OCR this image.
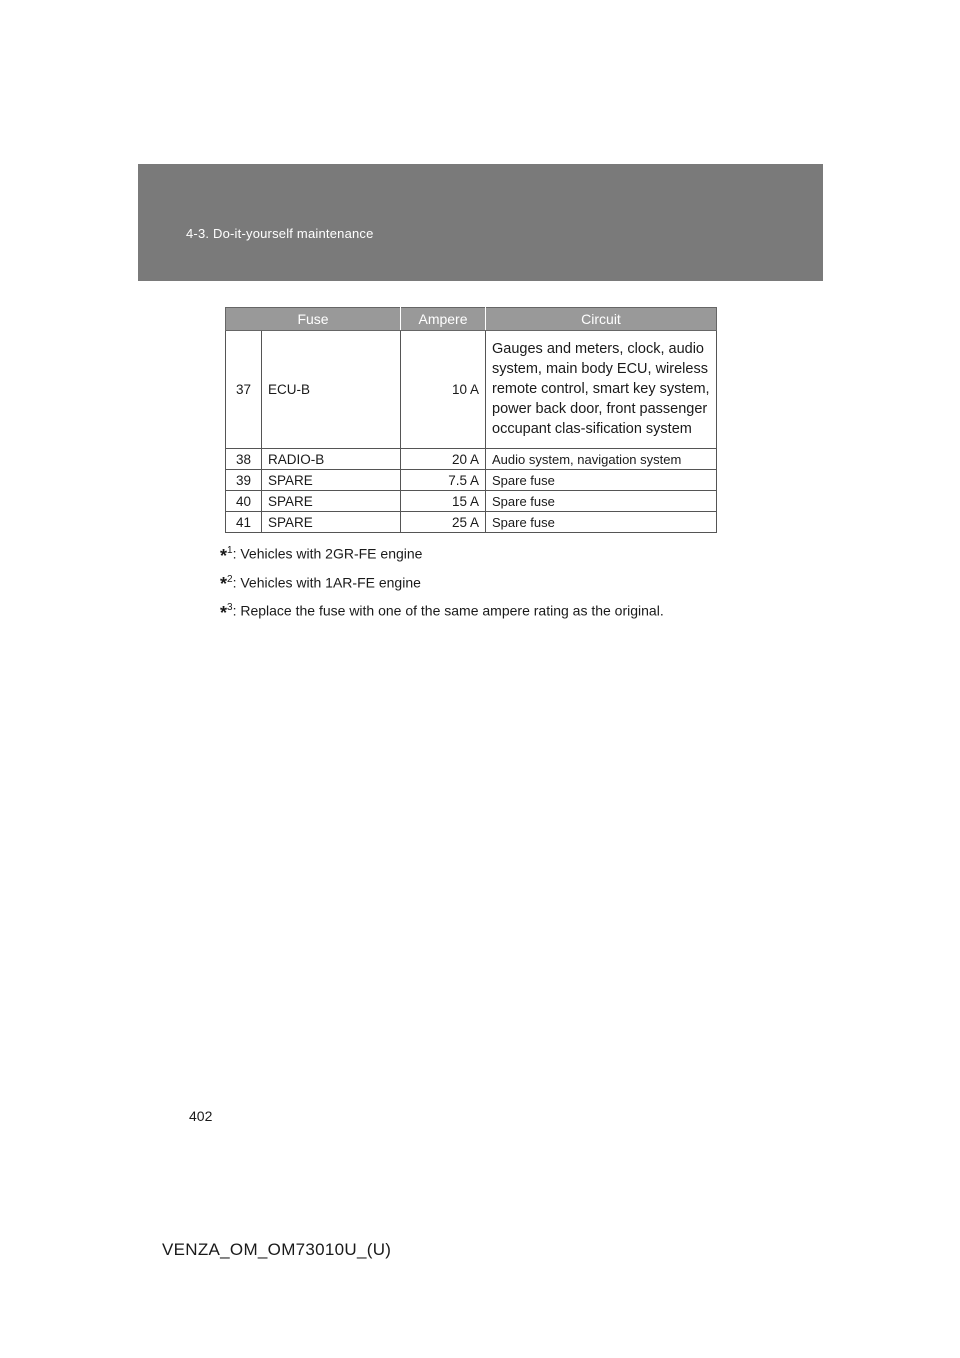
4-3. Do-it-yourself maintenance
Fuse		Ampere	Circuit
37	ECU-B	10 A	Gauges and meters, clock, audio system, main body ECU, wireless remote control, smart key system, power back door, front passenger occupant clas-sification system
38	RADIO-B	20 A	Audio system, navigation system
39	SPARE	7.5 A	Spare fuse
40	SPARE	15 A	Spare fuse
41	SPARE	25 A	Spare fuse
*$^1$: Vehicles with 2GR-FE engine
*$^2$: Vehicles with 1AR-FE engine
*$^3$: Replace the fuse with one of the same ampere rating as the original.
402
VENZA_OM_OM73010U_(U)
